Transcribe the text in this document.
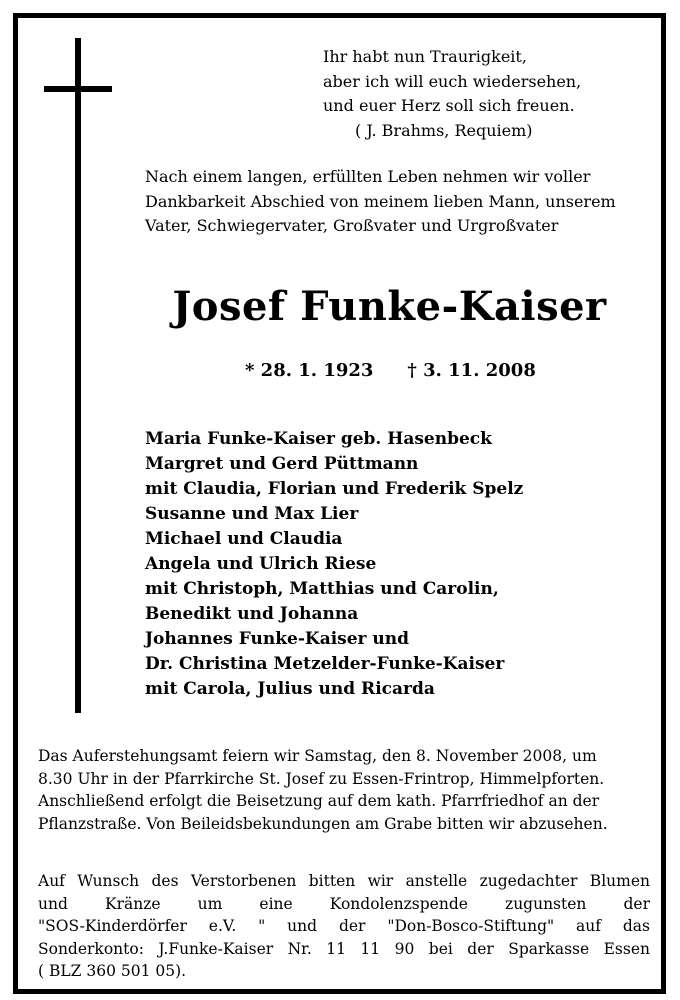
Ihr habt nun Traurigkeit,
aber ich will euch wiedersehen,
und euer Herz soll sich freuen.
( J. Brahms, Requiem)
Nach einem langen, erfüllten Leben nehmen wir voller
Dankbarkeit Abschied von meinem lieben Mann, unserem
Vater, Schwiegervater, Großvater und Urgroßvater
Josef Funke-Kaiser
* 28. 1. 1923 † 3. 11. 2008
Maria Funke-Kaiser geb. Hasenbeck
Margret und Gerd Püttmann
mit Claudia, Florian und Frederik Spelz
Susanne und Max Lier
Michael und Claudia
Angela und Ulrich Riese
mit Christoph, Matthias und Carolin,
Benedikt und Johanna
Johannes Funke-Kaiser und
Dr. Christina Metzelder-Funke-Kaiser
mit Carola, Julius und Ricarda
Das Auferstehungsamt feiern wir Samstag, den 8. November 2008, um
8.30 Uhr in der Pfarrkirche St. Josef zu Essen-Frintrop, Himmelpforten.
Anschließend erfolgt die Beisetzung auf dem kath. Pfarrfriedhof an der
Pflanzstraße. Von Beileidsbekundungen am Grabe bitten wir abzusehen.
Auf Wunsch des Verstorbenen bitten wir anstelle zugedachter Blumen
und Kränze um eine Kondolenzspende zugunsten der
"SOS-Kinderdörfer e.V. " und der "Don-Bosco-Stiftung" auf das
Sonderkonto: J.Funke-Kaiser Nr. 11 11 90 bei der Sparkasse Essen
( BLZ 360 501 05).
